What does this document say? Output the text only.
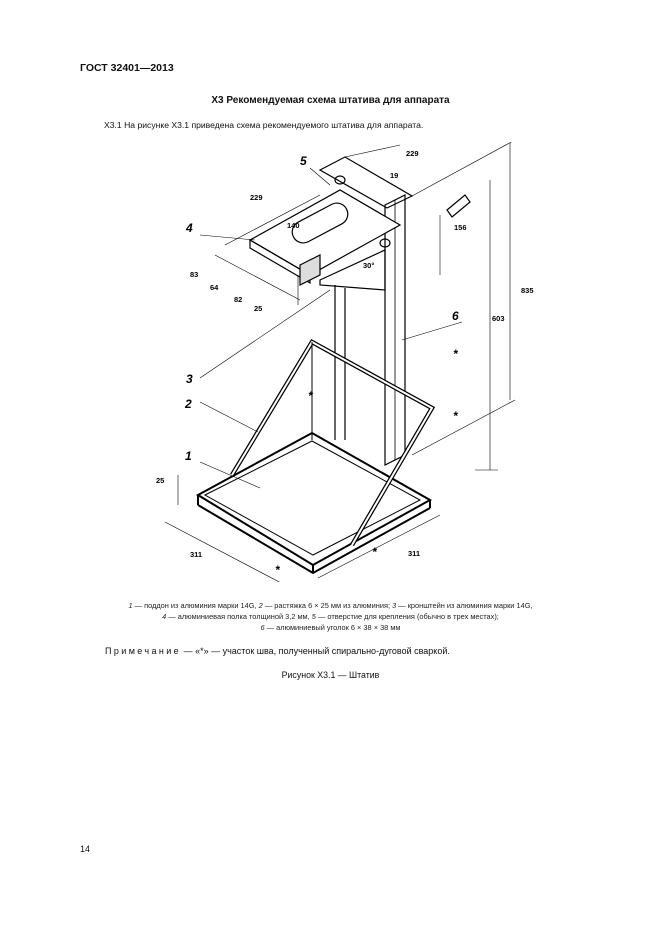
ГОСТ 32401—2013
Х3 Рекомендуемая схема штатива для аппарата
Х3.1 На рисунке Х3.1 приведена схема рекомендуемого штатива для аппарата.
1
2
3
4
5
6
*
*
*
*
*
229
229
19
140	156
30°
83
64
82
25
835
603
25
311	311
1 — поддон из алюминия марки 14G, 2 — растяжка 6 × 25 мм из алюминия; 3 — кронштейн из алюминия марки 14G,
4 — алюминиевая полка толщиной 3,2 мм, 5 — отверстие для крепления (обычно в трех местах);
6 — алюминиевый уголок 6 × 38 × 38 мм
Примечание — «*» — участок шва, полученный спирально-дуговой сваркой.
Рисунок Х3.1 — Штатив
14
